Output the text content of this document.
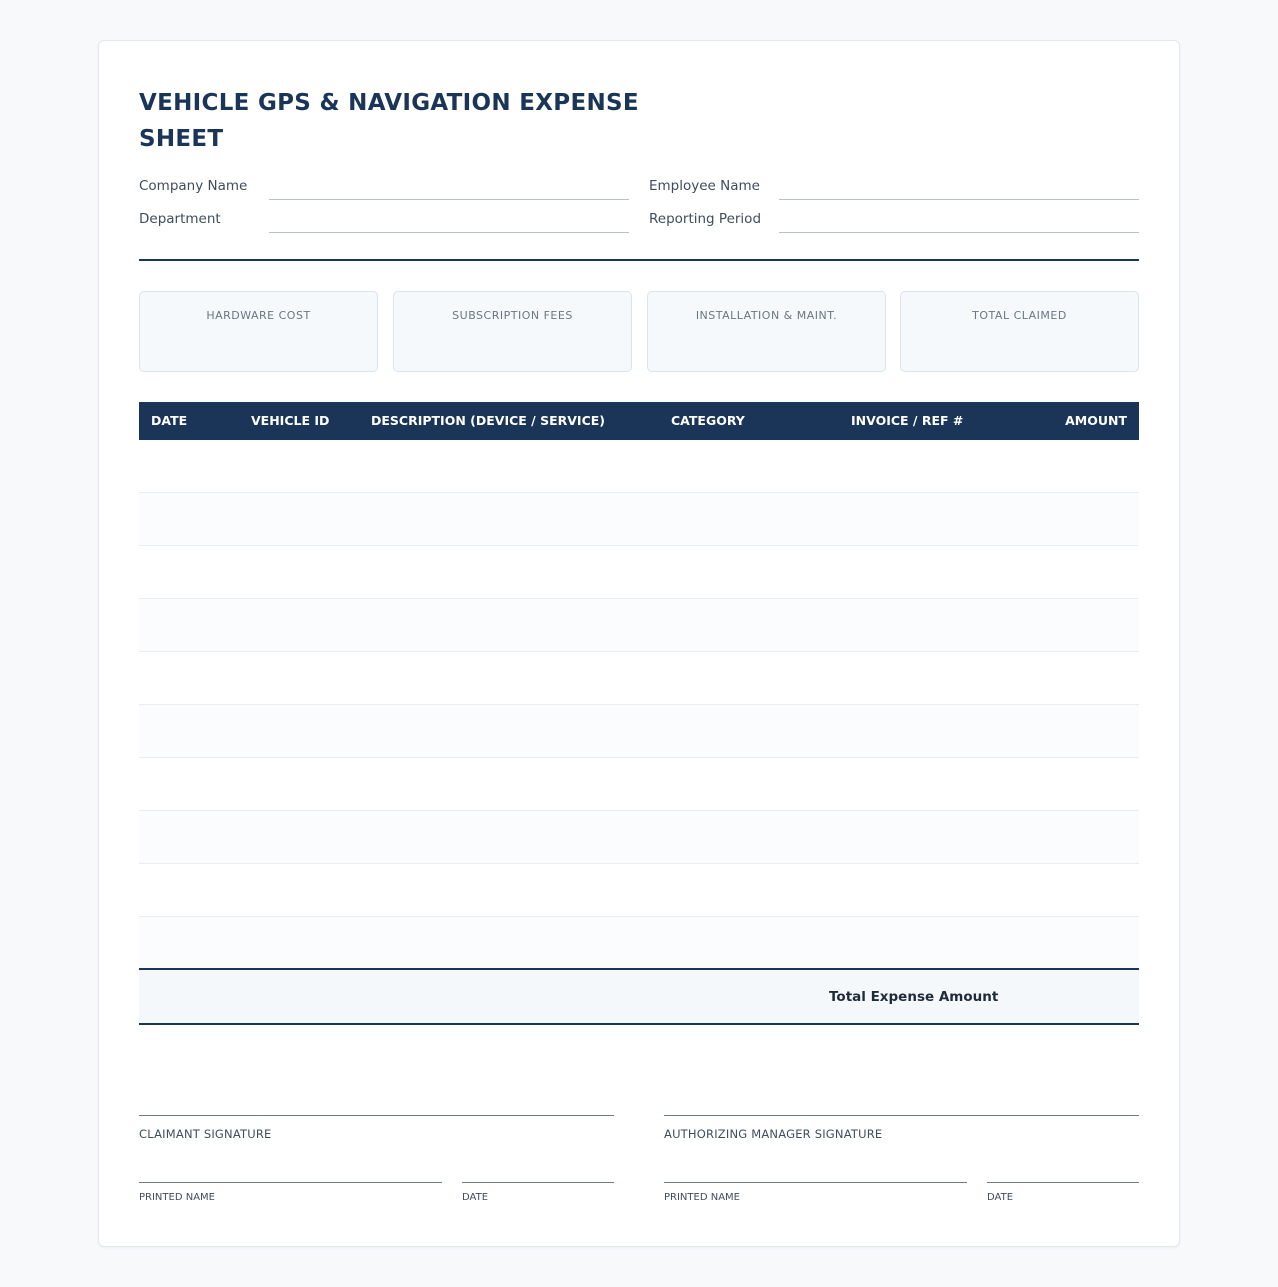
VEHICLE GPS & NAVIGATION EXPENSE SHEET
Company Name	Employee Name
Department	Reporting Period
HARDWARE COST	SUBSCRIPTION FEES	INSTALLATION & MAINT.	TOTAL CLAIMED
DATE	VEHICLE ID	DESCRIPTION (DEVICE / SERVICE)	CATEGORY	INVOICE / REF #	AMOUNT
Total Expense Amount
CLAIMANT SIGNATURE
PRINTED NAME	DATE
AUTHORIZING MANAGER SIGNATURE
PRINTED NAME	DATE
